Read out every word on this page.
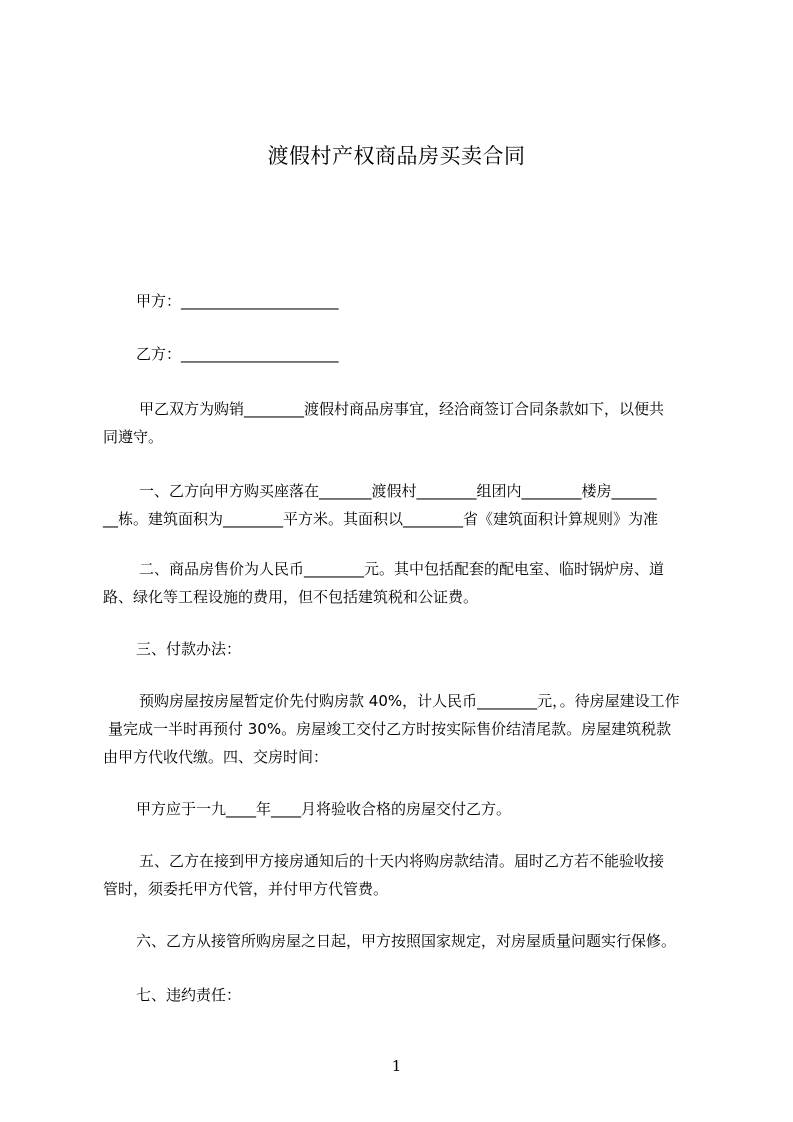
渡假村产权商品房买卖合同
甲方：_____________________
乙方：_____________________
甲乙双方为购销________渡假村商品房事宜，经洽商签订合同条款如下，以便共
同遵守。
一、乙方向甲方购买座落在_______渡假村________组团内________楼房______
__栋。建筑面积为________平方米。其面积以________省《建筑面积计算规则》为准
二、商品房售价为人民币________元。其中包括配套的配电室、临时锅炉房、道
路、绿化等工程设施的费用，但不包括建筑税和公证费。
三、付款办法：
预购房屋按房屋暂定价先付购房款 40%，计人民币________元，。待房屋建设工作
量完成一半时再预付 30%。房屋竣工交付乙方时按实际售价结清尾款。房屋建筑税款
由甲方代收代缴。四、交房时间：
甲方应于一九____年____月将验收合格的房屋交付乙方。
五、乙方在接到甲方接房通知后的十天内将购房款结清。届时乙方若不能验收接
管时，须委托甲方代管，并付甲方代管费。
六、乙方从接管所购房屋之日起，甲方按照国家规定，对房屋质量问题实行保修。
七、违约责任：
1
